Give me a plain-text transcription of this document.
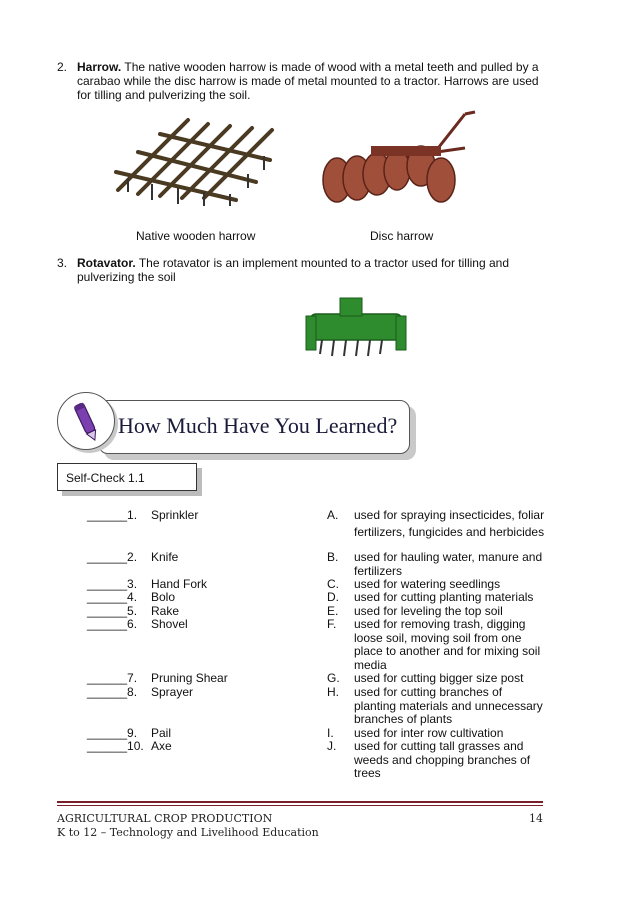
2. Harrow. The native wooden harrow is made of wood with a metal teeth and pulled by a
carabao while the disc harrow is made of metal mounted to a tractor. Harrows are used
for tilling and pulverizing the soil.
Native wooden harrow	Disc harrow
3. Rotavator. The rotavator is an implement mounted to a tractor used for tilling and
pulverizing the soil
How Much Have You Learned?
Self-Check 1.1
______1. Sprinkler
______2. Knife
______3. Hand Fork
______4. Bolo
______5. Rake
______6. Shovel
______7. Pruning Shear
______8. Sprayer
______9. Pail
______10. Axe
A. used for spraying insecticides, foliar
fertilizers, fungicides and herbicides
B. used for hauling water, manure and
fertilizers
C. used for watering seedlings
D. used for cutting planting materials
E. used for leveling the top soil
F. used for removing trash, digging
loose soil, moving soil from one
place to another and for mixing soil
media
G. used for cutting bigger size post
H. used for cutting branches of
planting materials and unnecessary
branches of plants
I. used for inter row cultivation
J. used for cutting tall grasses and
weeds and chopping branches of
trees
AGRICULTURAL CROP PRODUCTION	14
K to 12 – Technology and Livelihood Education
